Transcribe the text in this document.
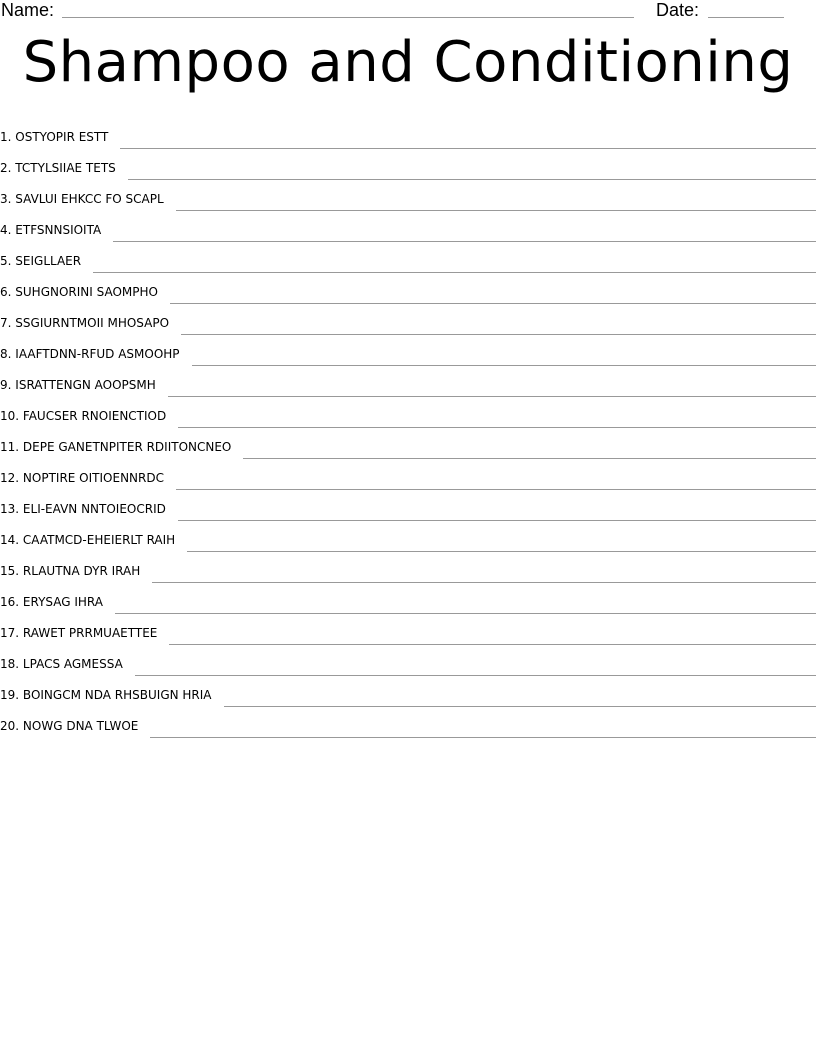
Name:	Date:
Shampoo and Conditioning
1. OSTYOPIR ESTT
2. TCTYLSIIAE TETS
3. SAVLUI EHKCC FO SCAPL
4. ETFSNNSIOITA
5. SEIGLLAER
6. SUHGNORINI SAOMPHO
7. SSGIURNTMOII MHOSAPO
8. IAAFTDNN-RFUD ASMOOHP
9. ISRATTENGN AOOPSMH
10. FAUCSER RNOIENCTIOD
11. DEPE GANETNPITER RDIITONCNEO
12. NOPTIRE OITIOENNRDC
13. ELI-EAVN NNTOIEOCRID
14. CAATMCD-EHEIERLT RAIH
15. RLAUTNA DYR IRAH
16. ERYSAG IHRA
17. RAWET PRRMUAETTEE
18. LPACS AGMESSA
19. BOINGCM NDA RHSBUIGN HRIA
20. NOWG DNA TLWOE
